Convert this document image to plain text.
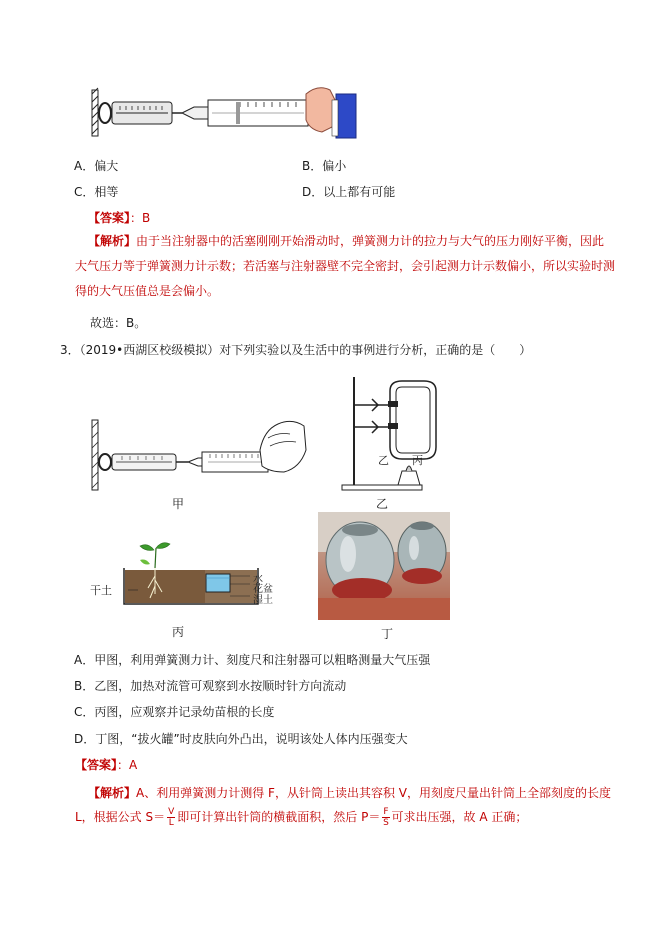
A．偏大	B．偏小
C．相等	D．以上都有可能
【答案】：B
【解析】由于当注射器中的活塞刚刚开始滑动时，弹簧测力计的拉力与大气的压力刚好平衡，因此大气压力等于弹簧测力计示数；若活塞与注射器壁不完全密封，会引起测力计示数偏小，所以实验时测得的大气压值总是会偏小。
故选：B。
3．（2019•西湖区校级模拟）对下列实验以及生活中的事例进行分析，正确的是（　　）
甲
乙 丙
乙
干土
水
花盆
湿土
丙	丁
A．甲图，利用弹簧测力计、刻度尺和注射器可以粗略测量大气压强
B．乙图，加热对流管可观察到水按顺时针方向流动
C．丙图，应观察并记录幼苗根的长度
D．丁图，“拔火罐”时皮肤向外凸出，说明该处人体内压强变大
【答案】：A
【解析】A、利用弹簧测力计测得 F，从针筒上读出其容积 V，用刻度尺量出针筒上全部刻度的长度
L，根据公式 $S= \frac{V}{L}$ 即可计算出针筒的横截面积，然后 $P= \frac{F}{S}$ 可求出压强，故 A 正确；
